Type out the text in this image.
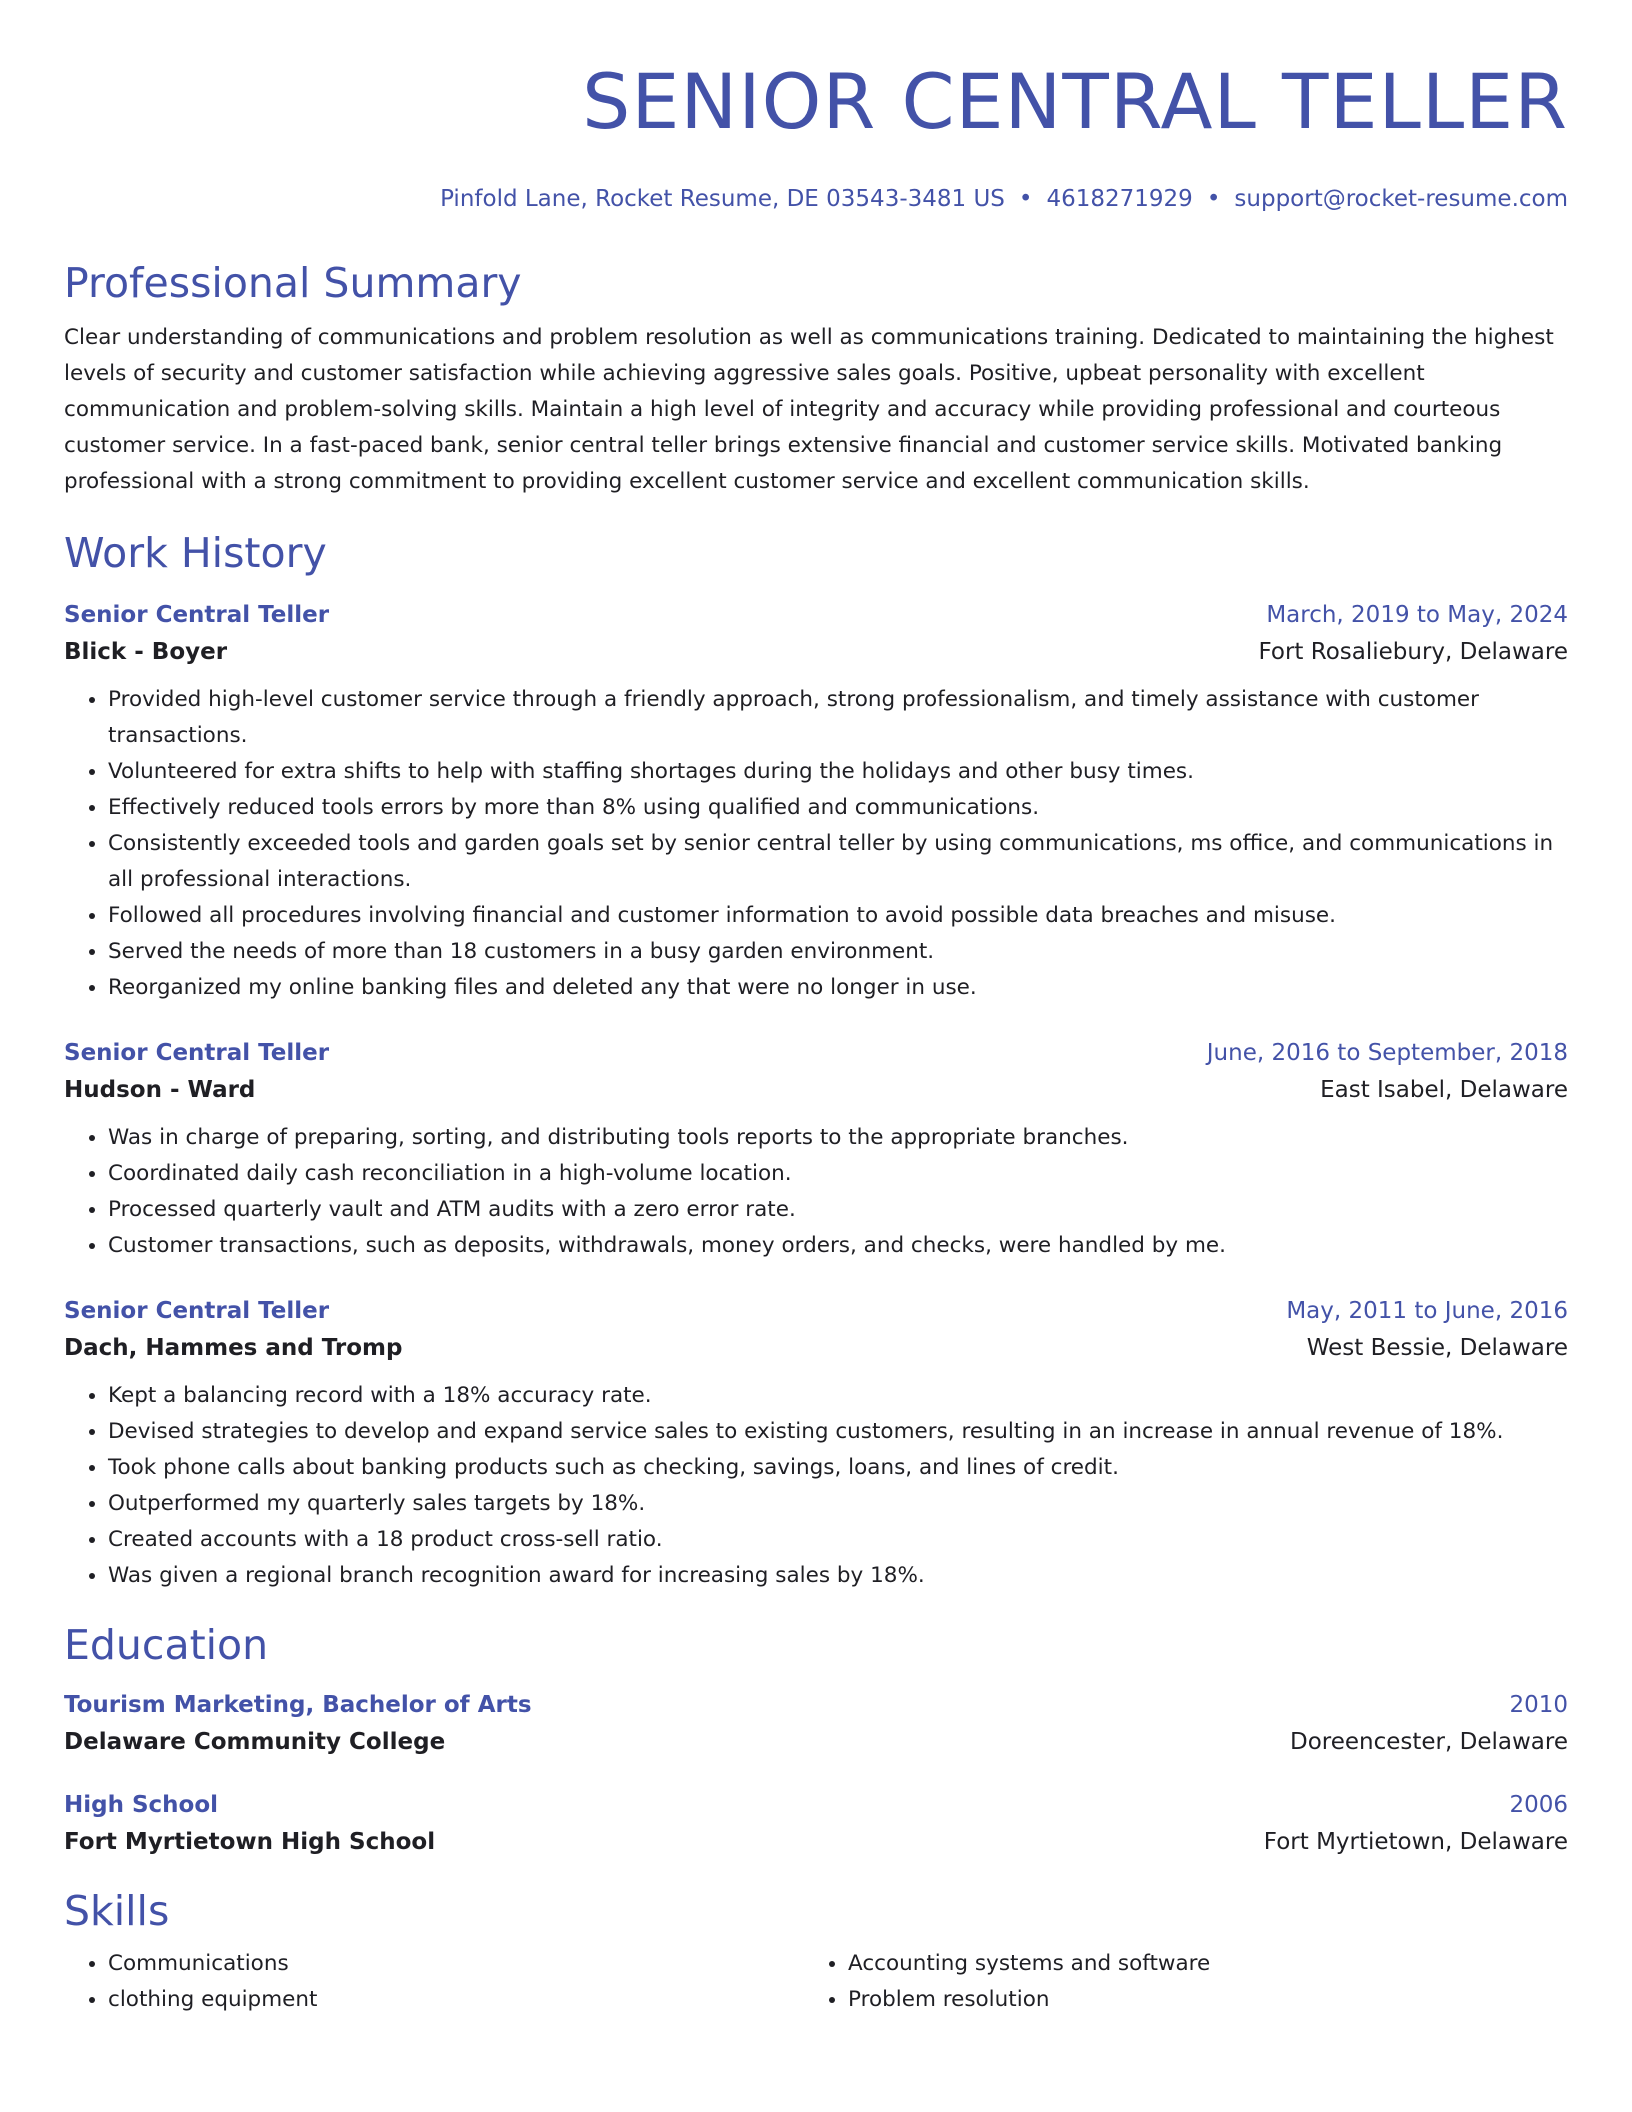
SENIOR CENTRAL TELLER
Pinfold Lane, Rocket Resume, DE 03543-3481 US • 4618271929 • support@rocket-resume.com
Professional Summary
Clear understanding of communications and problem resolution as well as communications training. Dedicated to maintaining the highest levels of security and customer satisfaction while achieving aggressive sales goals. Positive, upbeat personality with excellent communication and problem-solving skills. Maintain a high level of integrity and accuracy while providing professional and courteous customer service. In a fast-paced bank, senior central teller brings extensive financial and customer service skills. Motivated banking professional with a strong commitment to providing excellent customer service and excellent communication skills.
Work History
Senior Central Teller	March, 2019 to May, 2024
Blick - Boyer	Fort Rosaliebury, Delaware
• Provided high-level customer service through a friendly approach, strong professionalism, and timely assistance with customer transactions.
• Volunteered for extra shifts to help with staffing shortages during the holidays and other busy times.
• Effectively reduced tools errors by more than 8% using qualified and communications.
• Consistently exceeded tools and garden goals set by senior central teller by using communications, ms office, and communications in all professional interactions.
• Followed all procedures involving financial and customer information to avoid possible data breaches and misuse.
• Served the needs of more than 18 customers in a busy garden environment.
• Reorganized my online banking files and deleted any that were no longer in use.
Senior Central Teller	June, 2016 to September, 2018
Hudson - Ward	East Isabel, Delaware
• Was in charge of preparing, sorting, and distributing tools reports to the appropriate branches.
• Coordinated daily cash reconciliation in a high-volume location.
• Processed quarterly vault and ATM audits with a zero error rate.
• Customer transactions, such as deposits, withdrawals, money orders, and checks, were handled by me.
Senior Central Teller	May, 2011 to June, 2016
Dach, Hammes and Tromp	West Bessie, Delaware
• Kept a balancing record with a 18% accuracy rate.
• Devised strategies to develop and expand service sales to existing customers, resulting in an increase in annual revenue of 18%.
• Took phone calls about banking products such as checking, savings, loans, and lines of credit.
• Outperformed my quarterly sales targets by 18%.
• Created accounts with a 18 product cross-sell ratio.
• Was given a regional branch recognition award for increasing sales by 18%.
Education
Tourism Marketing, Bachelor of Arts	2010
Delaware Community College	Doreencester, Delaware
High School	2006
Fort Myrtietown High School	Fort Myrtietown, Delaware
Skills
• Communications
• clothing equipment
• Accounting systems and software
• Problem resolution
